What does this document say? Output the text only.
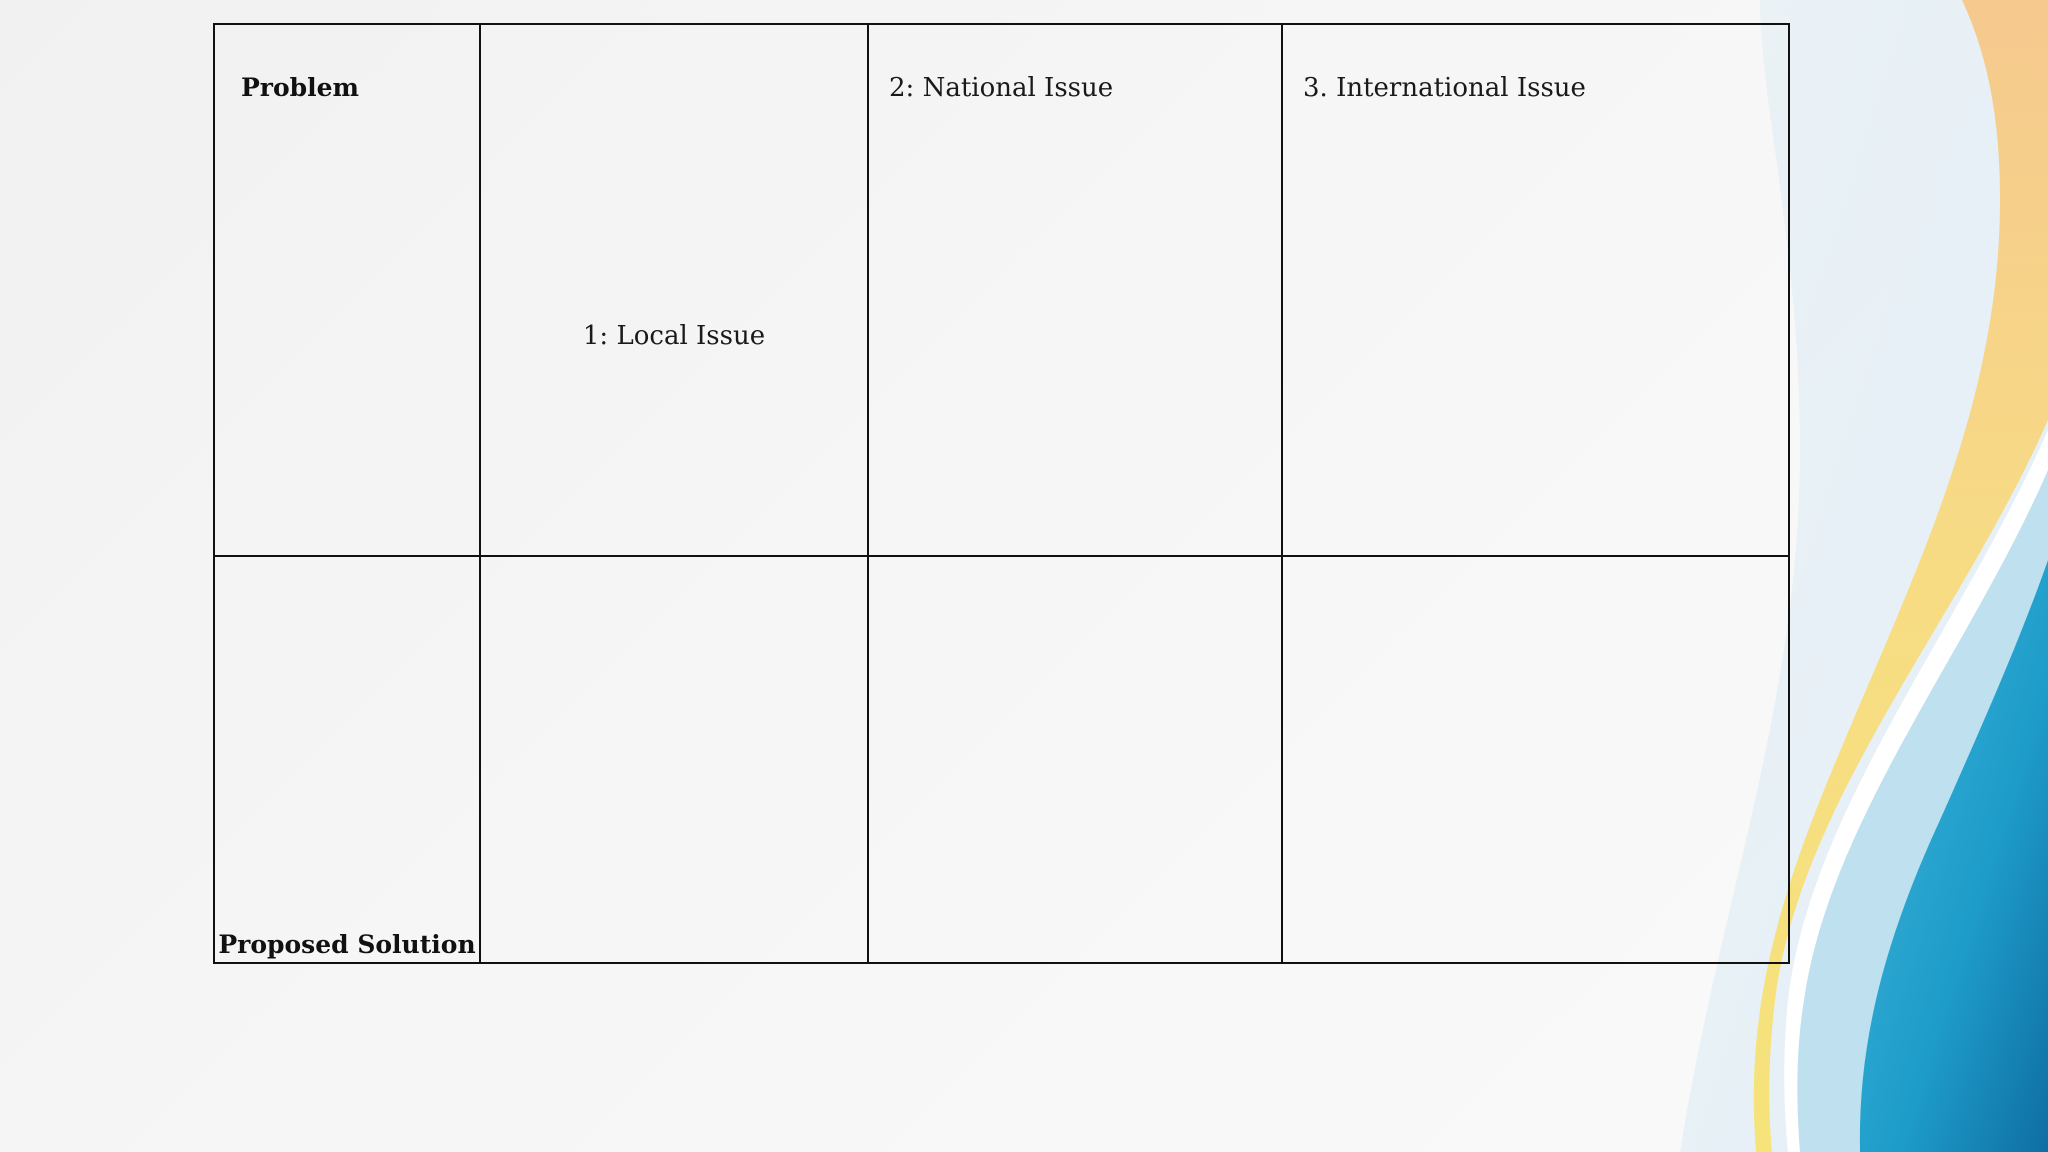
Problem	1: Local Issue	2: National Issue	3. International Issue

Proposed Solution			
